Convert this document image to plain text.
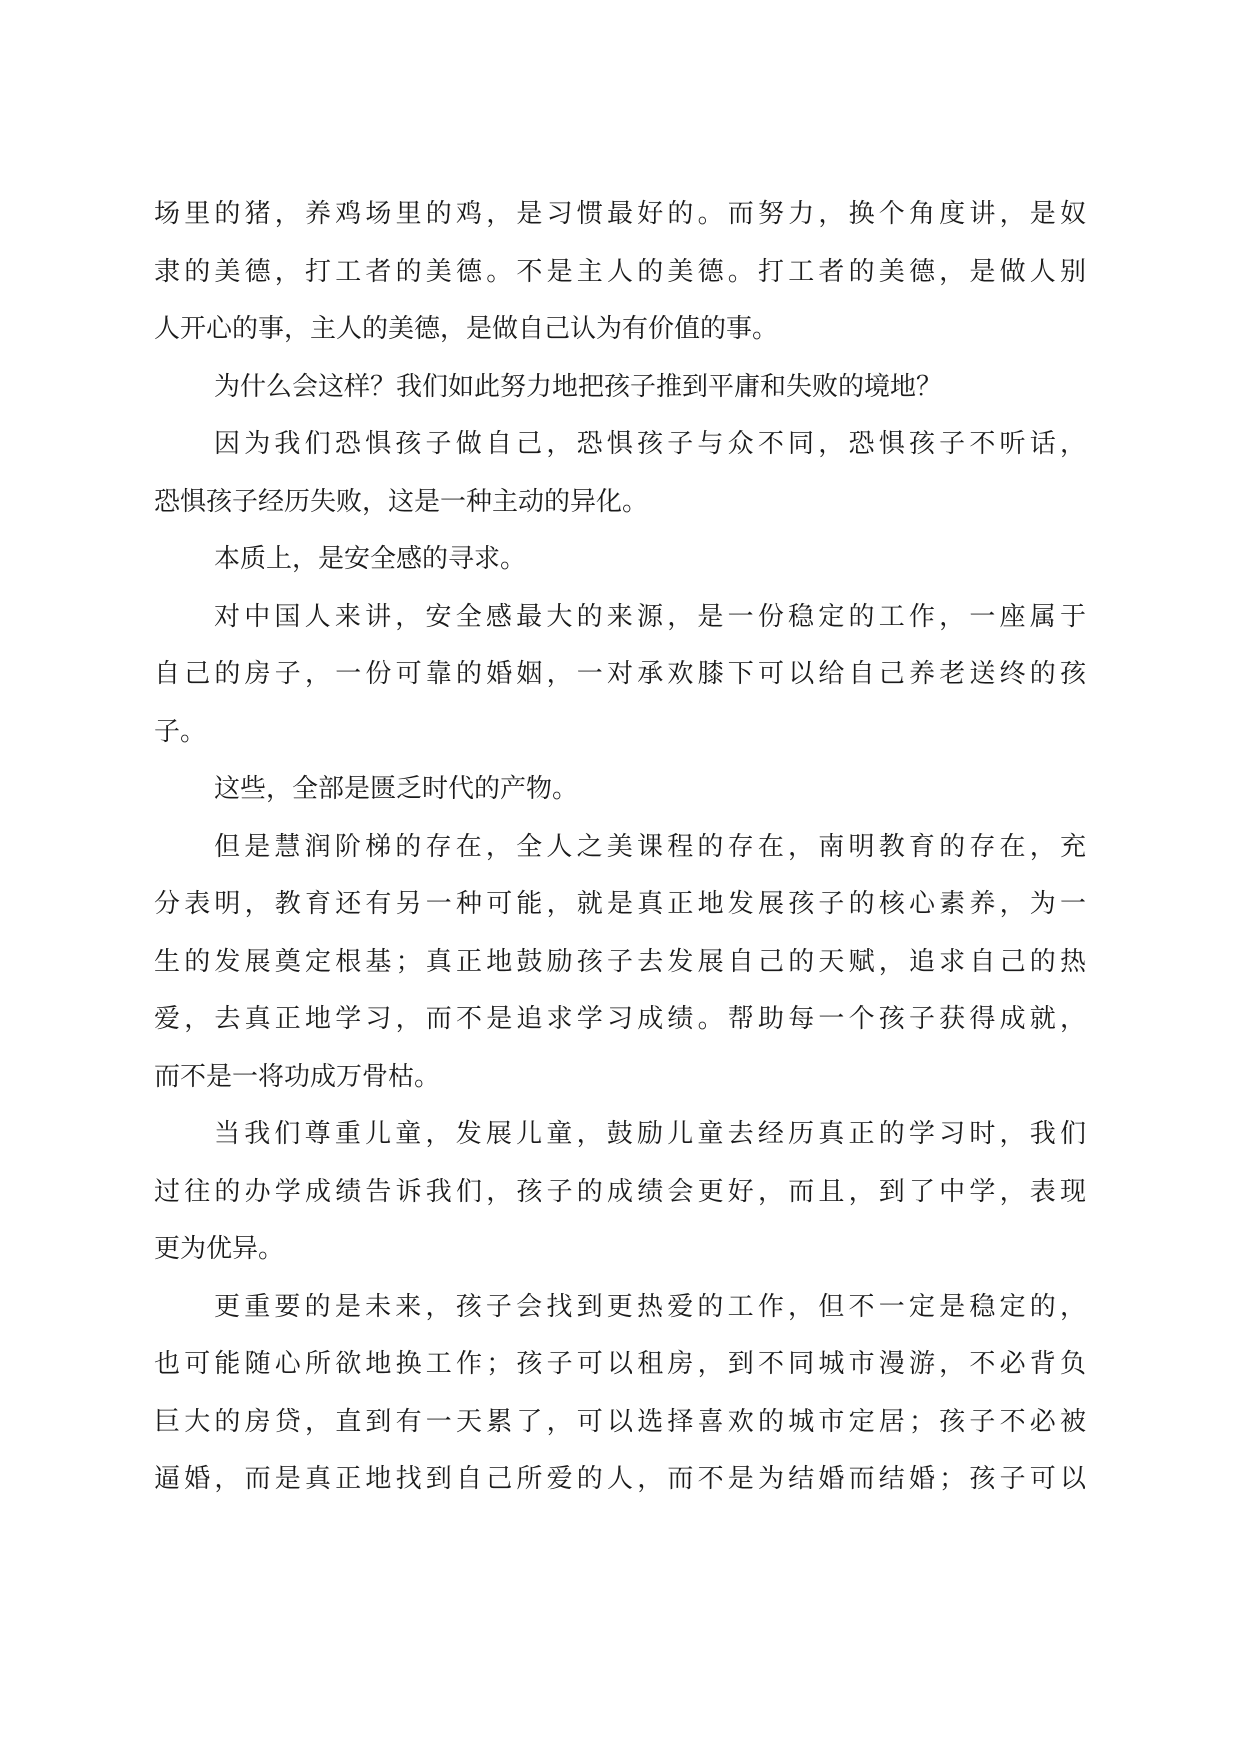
场里的猪，养鸡场里的鸡，是习惯最好的。而努力，换个角度讲，是奴
隶的美德，打工者的美德。不是主人的美德。打工者的美德，是做人别
人开心的事，主人的美德，是做自己认为有价值的事。
为什么会这样？我们如此努力地把孩子推到平庸和失败的境地？
因为我们恐惧孩子做自己，恐惧孩子与众不同，恐惧孩子不听话，
恐惧孩子经历失败，这是一种主动的异化。
本质上，是安全感的寻求。
对中国人来讲，安全感最大的来源，是一份稳定的工作，一座属于
自己的房子，一份可靠的婚姻，一对承欢膝下可以给自己养老送终的孩
子。
这些，全部是匮乏时代的产物。
但是慧润阶梯的存在，全人之美课程的存在，南明教育的存在，充
分表明，教育还有另一种可能，就是真正地发展孩子的核心素养，为一
生的发展奠定根基；真正地鼓励孩子去发展自己的天赋，追求自己的热
爱，去真正地学习，而不是追求学习成绩。帮助每一个孩子获得成就，
而不是一将功成万骨枯。
当我们尊重儿童，发展儿童，鼓励儿童去经历真正的学习时，我们
过往的办学成绩告诉我们，孩子的成绩会更好，而且，到了中学，表现
更为优异。
更重要的是未来，孩子会找到更热爱的工作，但不一定是稳定的，
也可能随心所欲地换工作；孩子可以租房，到不同城市漫游，不必背负
巨大的房贷，直到有一天累了，可以选择喜欢的城市定居；孩子不必被
逼婚，而是真正地找到自己所爱的人，而不是为结婚而结婚；孩子可以
